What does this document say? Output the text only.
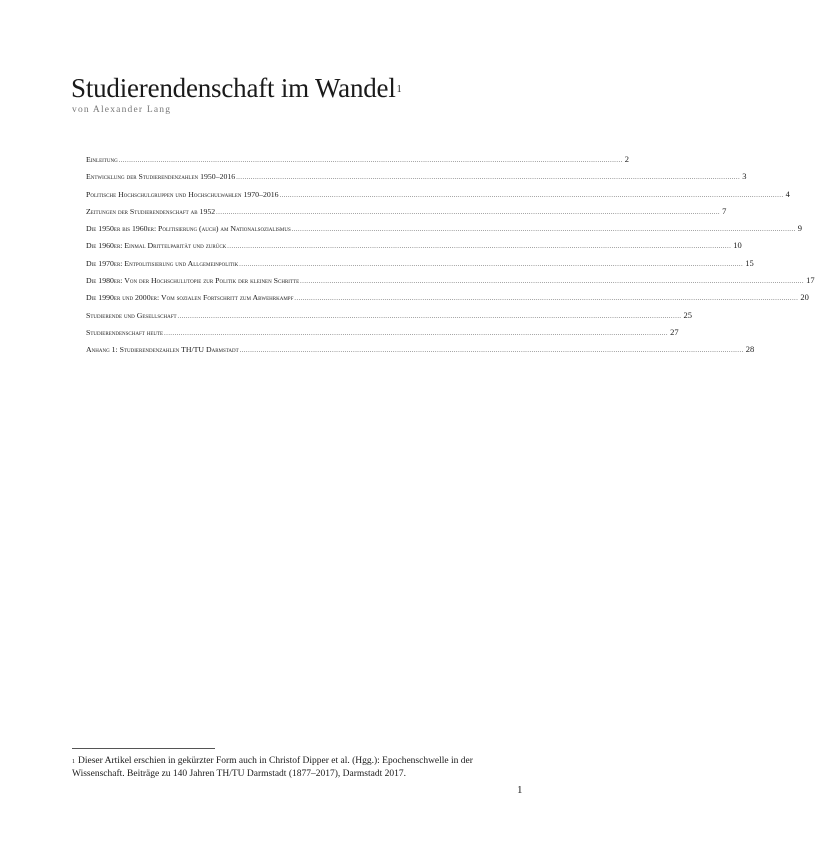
Studierendenschaft im Wandel$^1$

von Alexander Lang

Einleitung ................................................................................................................................................................................................................................................ 2
Entwicklung der Studierendenzahlen 1950–2016 ................................................................................................................................................................................................................................................ 3
Politische Hochschulgruppen und Hochschulwahlen 1970–2016 ................................................................................................................................................................................................................................................ 4
Zeitungen der Studierendenschaft ab 1952 ................................................................................................................................................................................................................................................ 7
Die 1950er bis 1960er: Politisierung (auch) am Nationalsozialismus ................................................................................................................................................................................................................................................ 9
Die 1960er: Einmal Drittelparität und zurück ................................................................................................................................................................................................................................................ 10
Die 1970er: Entpolitisierung und Allgemeinpolitik ................................................................................................................................................................................................................................................ 15
Die 1980er: Von der Hochschulutopie zur Politik der kleinen Schritte ................................................................................................................................................................................................................................................ 17
Die 1990er und 2000er: Vom sozialen Fortschritt zum Abwehrkampf ................................................................................................................................................................................................................................................ 20
Studierende und Gesellschaft ................................................................................................................................................................................................................................................ 25
Studierendenschaft heute ................................................................................................................................................................................................................................................ 27
Anhang 1: Studierendenzahlen TH/TU Darmstadt ................................................................................................................................................................................................................................................ 28

$^1$ Dieser Artikel erschien in gekürzter Form auch in Christof Dipper et al. (Hgg.): Epochenschwelle in der Wissenschaft. Beiträge zu 140 Jahren TH/TU Darmstadt (1877–2017), Darmstadt 2017.

1
